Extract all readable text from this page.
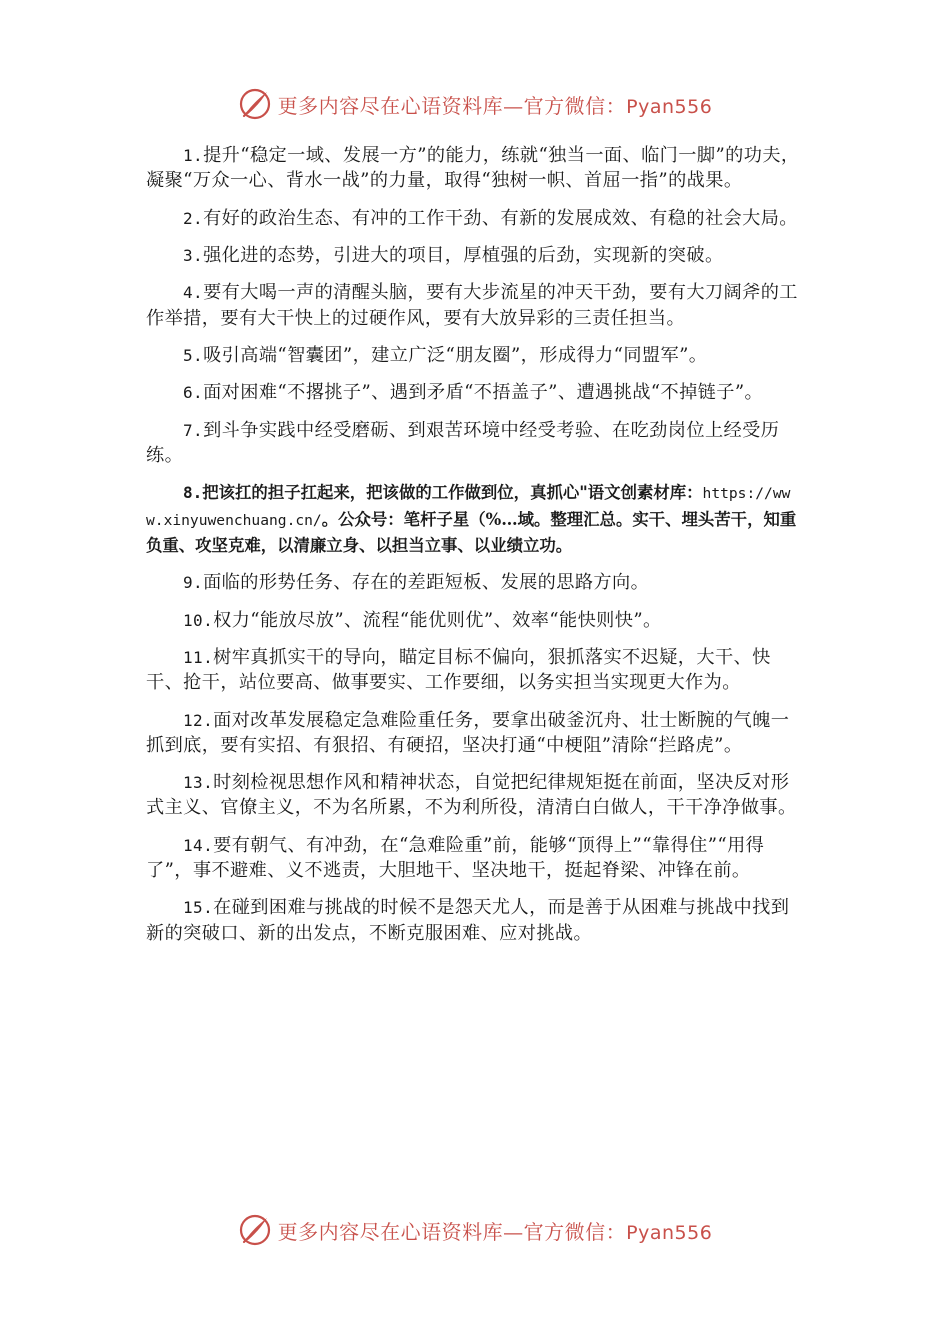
更多内容尽在心语资料库—官方微信：Pyan556

1.提升“稳定一域、发展一方”的能力，练就“独当一面、临门一脚”的功夫，凝聚“万众一心、背水一战”的力量，取得“独树一帜、首屈一指”的战果。

2.有好的政治生态、有冲的工作干劲、有新的发展成效、有稳的社会大局。

3.强化进的态势，引进大的项目，厚植强的后劲，实现新的突破。

4.要有大喝一声的清醒头脑，要有大步流星的冲天干劲，要有大刀阔斧的工作举措，要有大干快上的过硬作风，要有大放异彩的三责任担当。

5.吸引高端“智囊团”，建立广泛“朋友圈”，形成得力“同盟军”。

6.面对困难“不撂挑子”、遇到矛盾“不捂盖子”、遭遇挑战“不掉链子”。

7.到斗争实践中经受磨砺、到艰苦环境中经受考验、在吃劲岗位上经受历练。

8.把该扛的担子扛起来，把该做的工作做到位，真抓心"语文创素材库：https://www.xinyuwenchuang.cn/。公众号：笔杆子星（%…域。整理汇总。实干、埋头苦干，知重负重、攻坚克难，以清廉立身、以担当立事、以业绩立功。

9.面临的形势任务、存在的差距短板、发展的思路方向。

10.权力“能放尽放”、流程“能优则优”、效率“能快则快”。

11.树牢真抓实干的导向，瞄定目标不偏向，狠抓落实不迟疑，大干、快干、抢干，站位要高、做事要实、工作要细，以务实担当实现更大作为。

12.面对改革发展稳定急难险重任务，要拿出破釜沉舟、壮士断腕的气魄一抓到底，要有实招、有狠招、有硬招，坚决打通“中梗阻”清除“拦路虎”。

13.时刻检视思想作风和精神状态，自觉把纪律规矩挺在前面，坚决反对形式主义、官僚主义，不为名所累，不为利所役，清清白白做人，干干净净做事。

14.要有朝气、有冲劲，在“急难险重”前，能够“顶得上”“靠得住”“用得了”，事不避难、义不逃责，大胆地干、坚决地干，挺起脊梁、冲锋在前。

15.在碰到困难与挑战的时候不是怨天尤人，而是善于从困难与挑战中找到新的突破口、新的出发点，不断克服困难、应对挑战。

更多内容尽在心语资料库—官方微信：Pyan556
